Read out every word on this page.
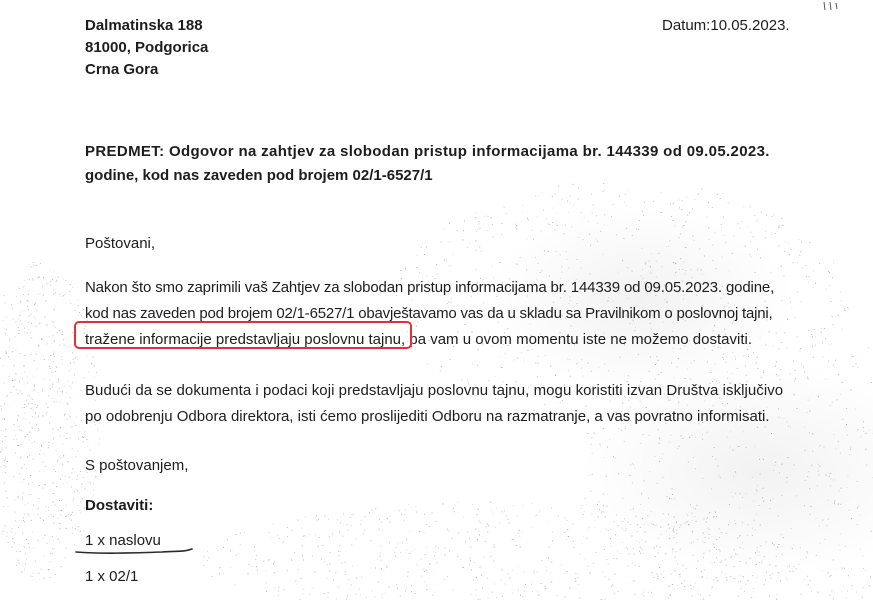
Dalmatinska 188
81000, Podgorica
Crna Gora
Datum:10.05.2023.
PREDMET: Odgovor na zahtjev za slobodan pristup informacijama br. 144339 od 09.05.2023.
godine, kod nas zaveden pod brojem 02/1-6527/1
Poštovani,
Nakon što smo zaprimili vaš Zahtjev za slobodan pristup informacijama br. 144339 od 09.05.2023. godine,
kod nas zaveden pod brojem 02/1-6527/1 obavještavamo vas da u skladu sa Pravilnikom o poslovnoj tajni,
tražene informacije predstavljaju poslovnu tajnu, pa vam u ovom momentu iste ne možemo dostaviti.
Budući da se dokumenta i podaci koji predstavljaju poslovnu tajnu, mogu koristiti izvan Društva isključivo
po odobrenju Odbora direktora, isti ćemo proslijediti Odboru na razmatranje, a vas povratno informisati.
S poštovanjem,
Dostaviti:
1 x naslovu
1 x 02/1
